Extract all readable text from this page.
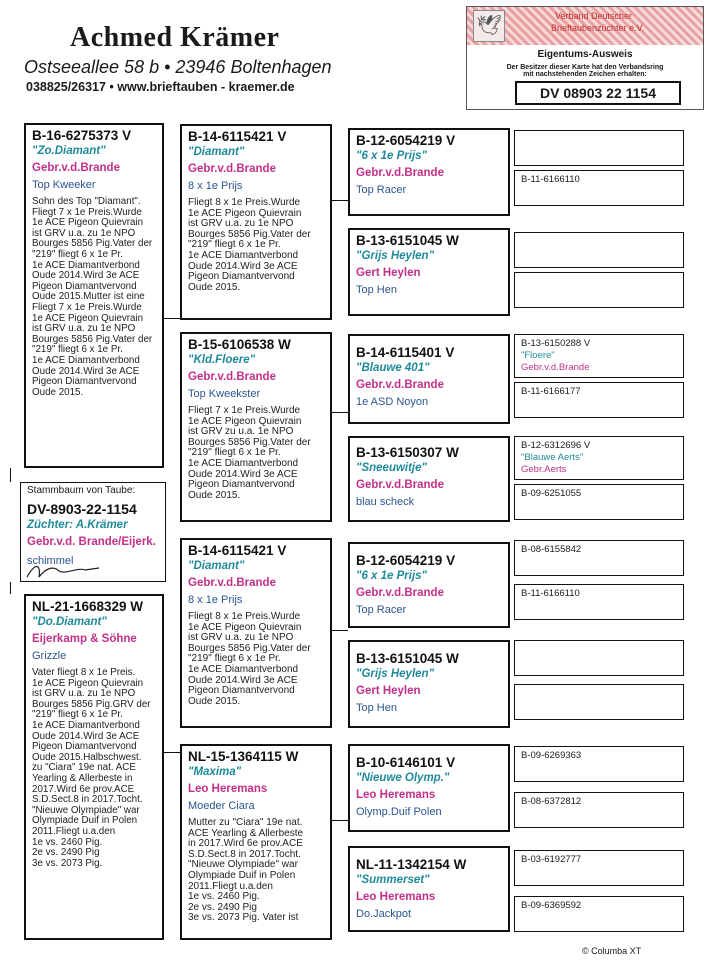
Achmed Krämer
Ostseeallee 58 b • 23946 Boltenhagen
038825/26317 • www.brieftauben - kraemer.de
🕊	Verband Deutscher
Brieftaubenzüchter e.V.
Eigentums-Ausweis
Der Besitzer dieser Karte hat den Verbandsring
mit nachstehenden Zeichen erhalten:
DV 08903 22 1154
B-16-6275373 V
"Zo.Diamant"
Gebr.v.d.Brande
Top Kweeker
Sohn des Top "Diamant".
Fliegt 7 x 1e Preis.Wurde
1e ACE Pigeon Quievrain
ist GRV u.a. zu 1e NPO
Bourges 5856 Pig.Vater der
"219" fliegt 6 x 1e Pr.
1e ACE Diamantverbond
Oude 2014.Wird 3e ACE
Pigeon Diamantvervond
Oude 2015.Mutter ist eine
Fliegt 7 x 1e Preis.Wurde
1e ACE Pigeon Quievrain
ist GRV u.a. zu 1e NPO
Bourges 5856 Pig.Vater der
"219" fliegt 6 x 1e Pr.
1e ACE Diamantverbond
Oude 2014.Wird 3e ACE
Pigeon Diamantvervond
Oude 2015.
Stammbaum von Taube:
DV-8903-22-1154
Züchter: A.Krämer
Gebr.v.d. Brande/Eijerk.
schimmel
NL-21-1668329 W
"Do.Diamant"
Eijerkamp & Söhne
Grizzle
Vater fliegt 8 x 1e Preis.
1e ACE Pigeon Quievrain
ist GRV u.a. zu 1e NPO
Bourges 5856 Pig.GRV der
"219" fliegt 6 x 1e Pr.
1e ACE Diamantverbond
Oude 2014.Wird 3e ACE
Pigeon Diamantvervond
Oude 2015.Halbschwest.
zu "Ciara" 19e nat. ACE
Yearling & Allerbeste in
2017.Wird 6e prov.ACE
S.D.Sect.8 in 2017.Tocht.
"Nieuwe Olympiade" war
Olympiade Duif in Polen
2011.Fliegt u.a.den
1e vs. 2460 Pig.
2e vs. 2490 Pig
3e vs. 2073 Pig.
B-14-6115421 V
"Diamant"
Gebr.v.d.Brande
8 x 1e Prijs
Fliegt 8 x 1e Preis.Wurde
1e ACE Pigeon Quievrain
ist GRV u.a. zu 1e NPO
Bourges 5856 Pig.Vater der
"219" fliegt 6 x 1e Pr.
1e ACE Diamantverbond
Oude 2014.Wird 3e ACE
Pigeon Diamantvervond
Oude 2015.
B-15-6106538 W
"Kld.Floere"
Gebr.v.d.Brande
Top Kweekster
Fliegt 7 x 1e Preis.Wurde
1e ACE Pigeon Quievrain
ist GRV zu u.a. 1e NPO
Bourges 5856 Pig.Vater der
"219" fliegt 6 x 1e Pr.
1e ACE Diamantverbond
Oude 2014.Wird 3e ACE
Pigeon Diamantvervond
Oude 2015.
B-14-6115421 V
"Diamant"
Gebr.v.d.Brande
8 x 1e Prijs
Fliegt 8 x 1e Preis.Wurde
1e ACE Pigeon Quievrain
ist GRV u.a. zu 1e NPO
Bourges 5856 Pig.Vater der
"219" fliegt 6 x 1e Pr.
1e ACE Diamantverbond
Oude 2014.Wird 3e ACE
Pigeon Diamantvervond
Oude 2015.
NL-15-1364115 W
"Maxima"
Leo Heremans
Moeder Ciara
Mutter zu "Ciara" 19e nat.
ACE Yearling & Allerbeste
in 2017.Wird 6e prov.ACE
S.D.Sect.8 in 2017.Tocht.
"Nieuwe Olympiade" war
Olympiade Duif in Polen
2011.Fliegt u.a.den
1e vs. 2460 Pig.
2e vs. 2490 Pig
3e vs. 2073 Pig. Vater ist
B-12-6054219 V
"6 x 1e Prijs"
Gebr.v.d.Brande
Top Racer
B-13-6151045 W
"Grijs Heylen"
Gert Heylen
Top Hen
B-14-6115401 V
"Blauwe 401"
Gebr.v.d.Brande
1e ASD Noyon
B-13-6150307 W
"Sneeuwitje"
Gebr.v.d.Brande
blau scheck
B-12-6054219 V
"6 x 1e Prijs"
Gebr.v.d.Brande
Top Racer
B-13-6151045 W
"Grijs Heylen"
Gert Heylen
Top Hen
B-10-6146101 V
"Nieuwe Olymp."
Leo Heremans
Olymp.Duif Polen
NL-11-1342154 W
"Summerset"
Leo Heremans
Do.Jackpot
B-11-6166110
B-13-6150288 V
"Floere"
Gebr.v.d.Brande
B-11-6166177
B-12-6312696 V
"Blauwe Aerts"
Gebr.Aerts
B-09-6251055
B-08-6155842
B-11-6166110
B-09-6269363
B-08-6372812
B-03-6192777
B-09-6369592
© Columba XT
